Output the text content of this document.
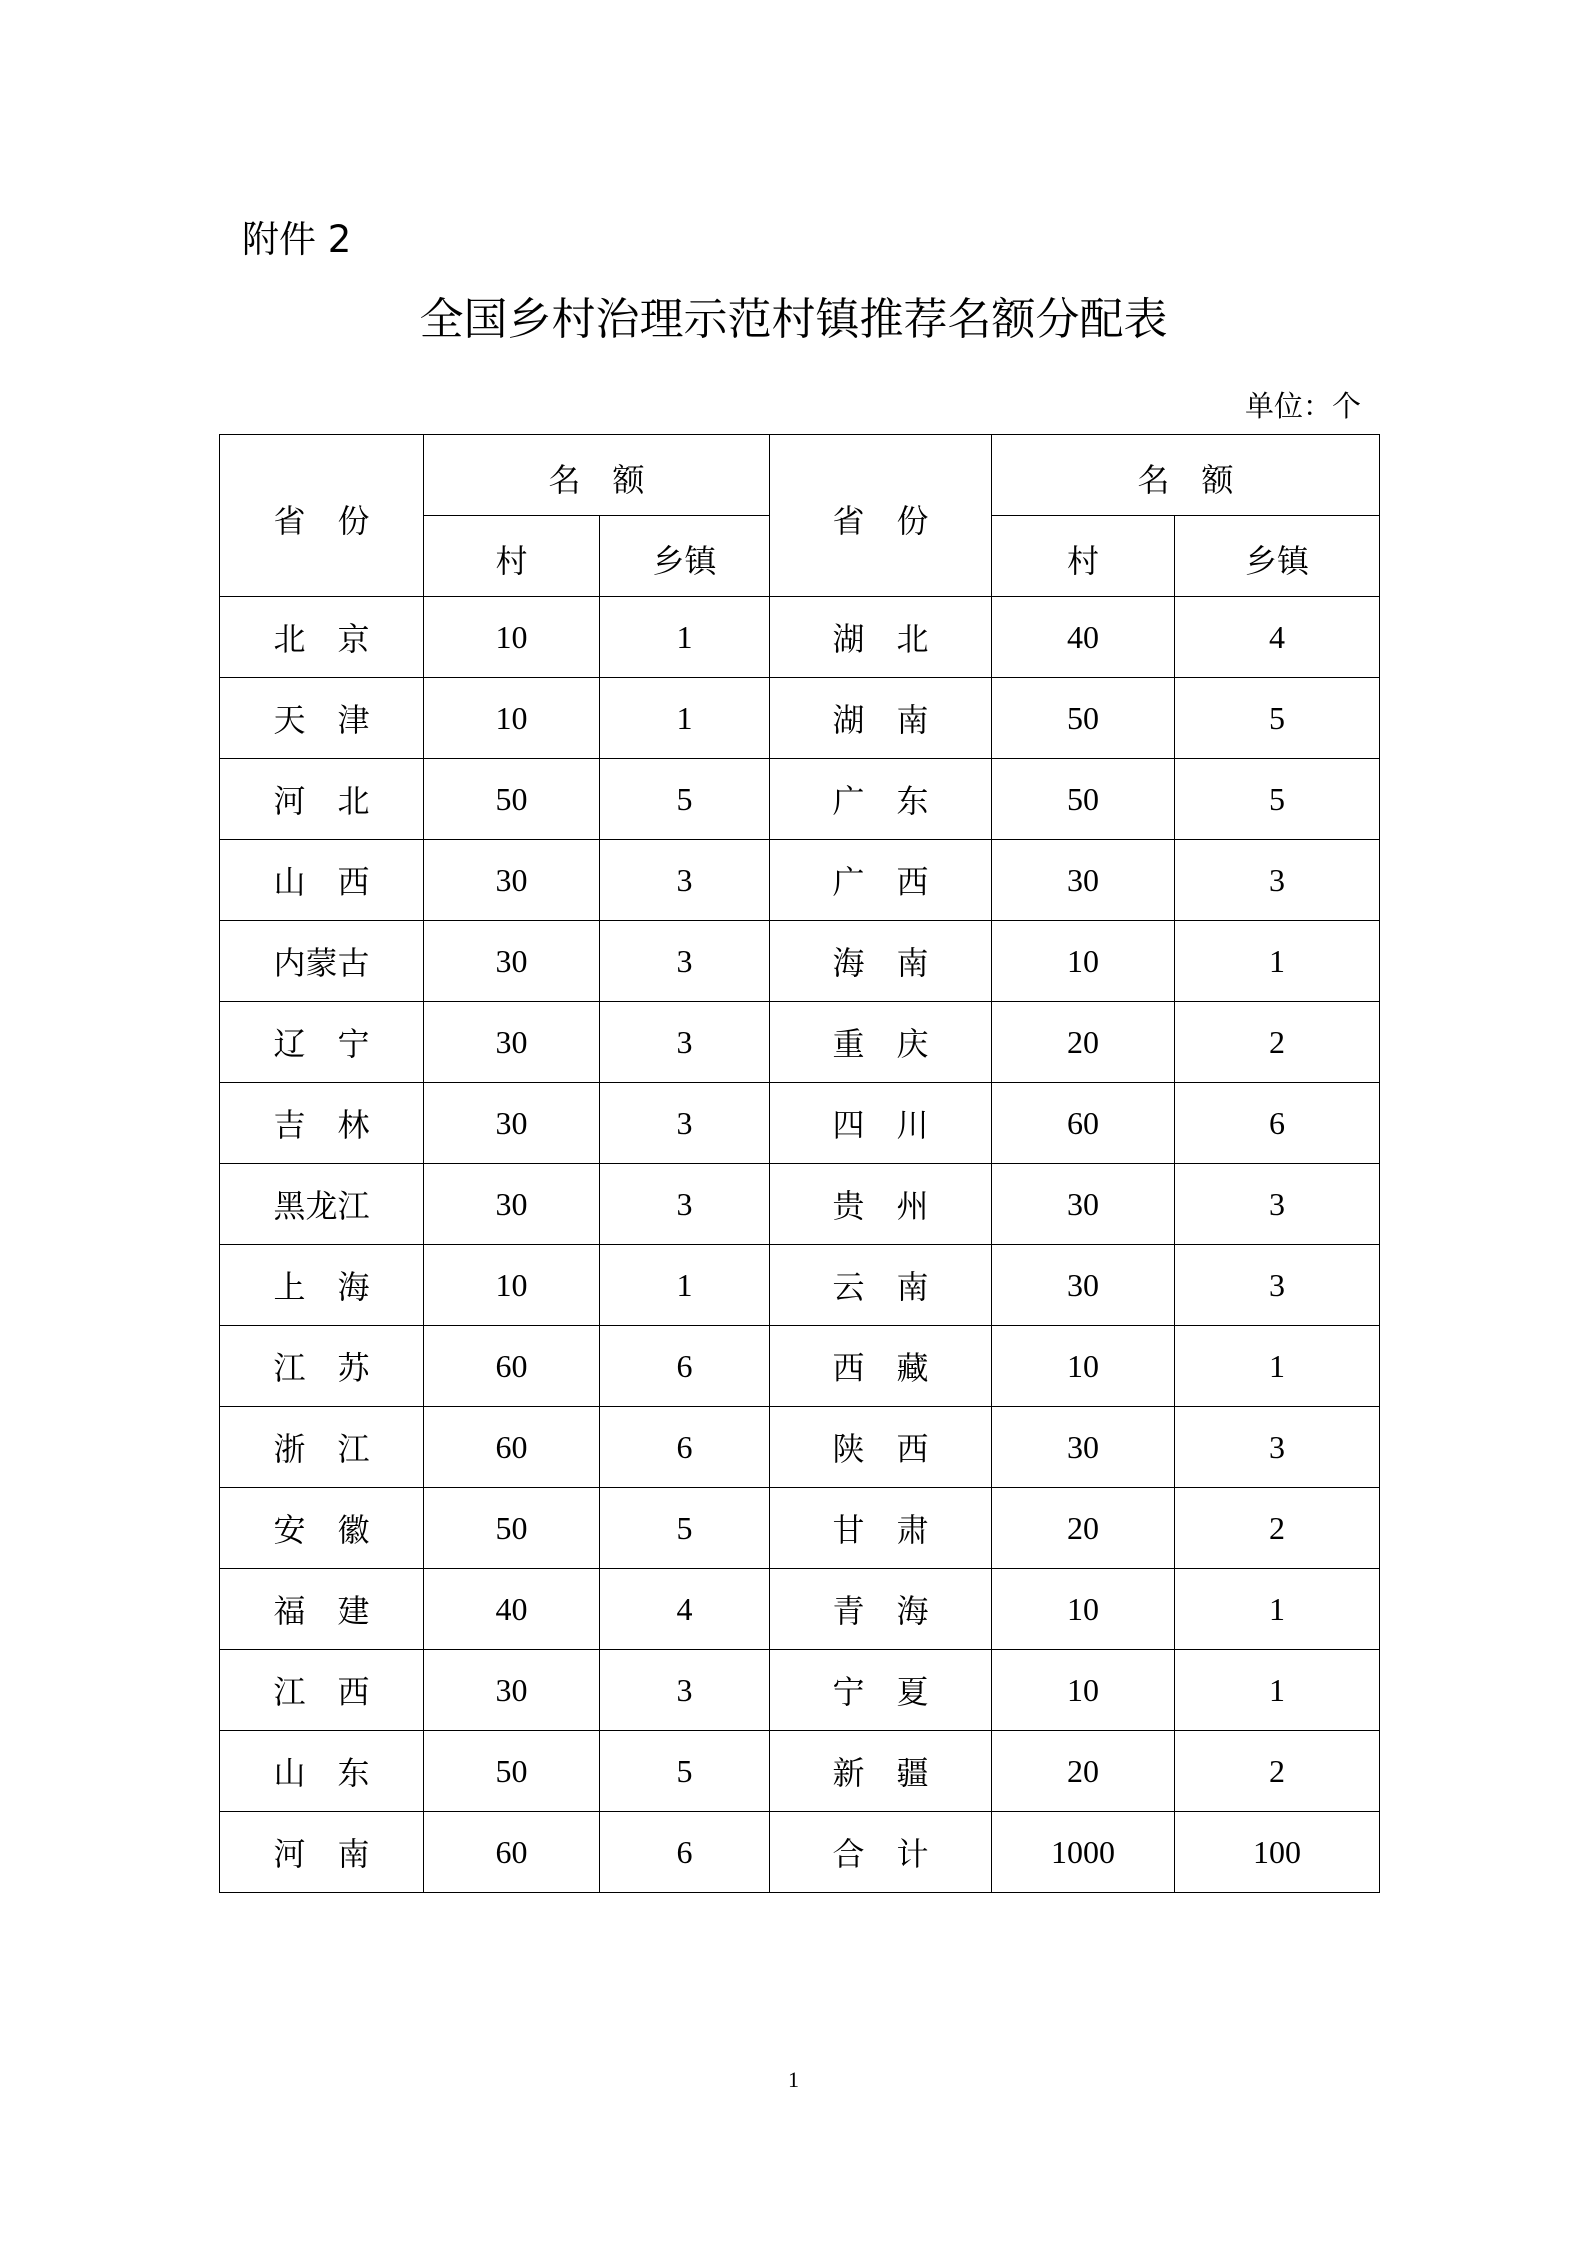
附件 2
全国乡村治理示范村镇推荐名额分配表
单位：个
省　份	名　额		省　份	名　额	
	村	乡镇		村	乡镇
北　京	10	1	湖　北	40	4
天　津	10	1	湖　南	50	5
河　北	50	5	广　东	50	5
山　西	30	3	广　西	30	3
内蒙古	30	3	海　南	10	1
辽　宁	30	3	重　庆	20	2
吉　林	30	3	四　川	60	6
黑龙江	30	3	贵　州	30	3
上　海	10	1	云　南	30	3
江　苏	60	6	西　藏	10	1
浙　江	60	6	陕　西	30	3
安　徽	50	5	甘　肃	20	2
福　建	40	4	青　海	10	1
江　西	30	3	宁　夏	10	1
山　东	50	5	新　疆	20	2
河　南	60	6	合　计	1000	100
1
